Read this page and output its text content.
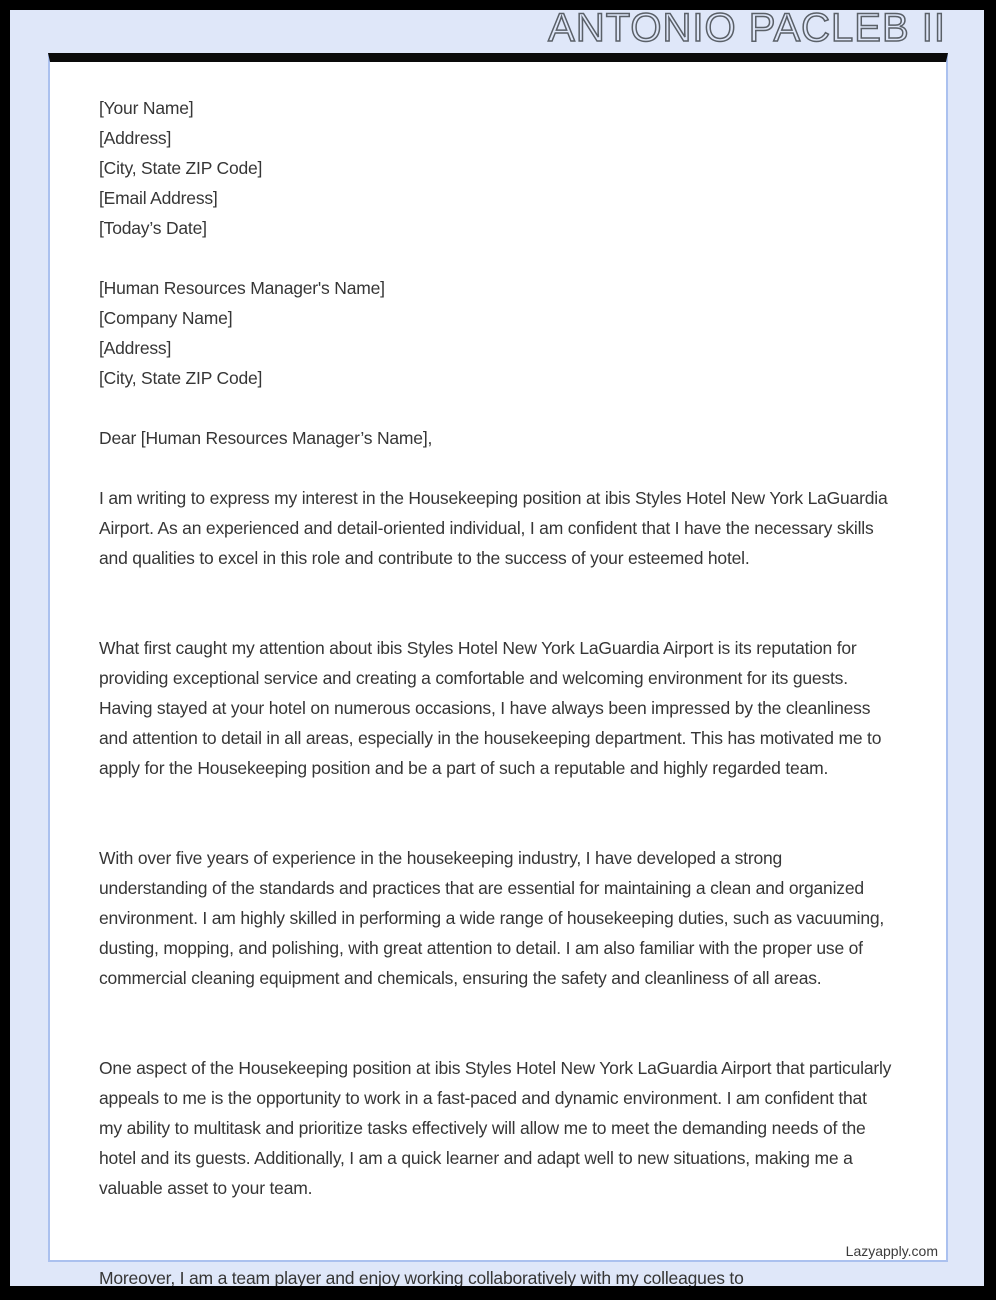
ANTONIO PACLEB II
[Your Name]
[Address]
[City, State ZIP Code]
[Email Address]
[Today’s Date]
[Human Resources Manager's Name]
[Company Name]
[Address]
[City, State ZIP Code]
Dear [Human Resources Manager’s Name],
I am writing to express my interest in the Housekeeping position at ibis Styles Hotel New York LaGuardia Airport. As an experienced and detail-oriented individual, I am confident that I have the necessary skills and qualities to excel in this role and contribute to the success of your esteemed hotel.
What first caught my attention about ibis Styles Hotel New York LaGuardia Airport is its reputation for providing exceptional service and creating a comfortable and welcoming environment for its guests. Having stayed at your hotel on numerous occasions, I have always been impressed by the cleanliness and attention to detail in all areas, especially in the housekeeping department. This has motivated me to apply for the Housekeeping position and be a part of such a reputable and highly regarded team.
With over five years of experience in the housekeeping industry, I have developed a strong understanding of the standards and practices that are essential for maintaining a clean and organized environment. I am highly skilled in performing a wide range of housekeeping duties, such as vacuuming, dusting, mopping, and polishing, with great attention to detail. I am also familiar with the proper use of commercial cleaning equipment and chemicals, ensuring the safety and cleanliness of all areas.
One aspect of the Housekeeping position at ibis Styles Hotel New York LaGuardia Airport that particularly appeals to me is the opportunity to work in a fast-paced and dynamic environment. I am confident that my ability to multitask and prioritize tasks effectively will allow me to meet the demanding needs of the hotel and its guests. Additionally, I am a quick learner and adapt well to new situations, making me a valuable asset to your team.
Moreover, I am a team player and enjoy working collaboratively with my colleagues to
Lazyapply.com
